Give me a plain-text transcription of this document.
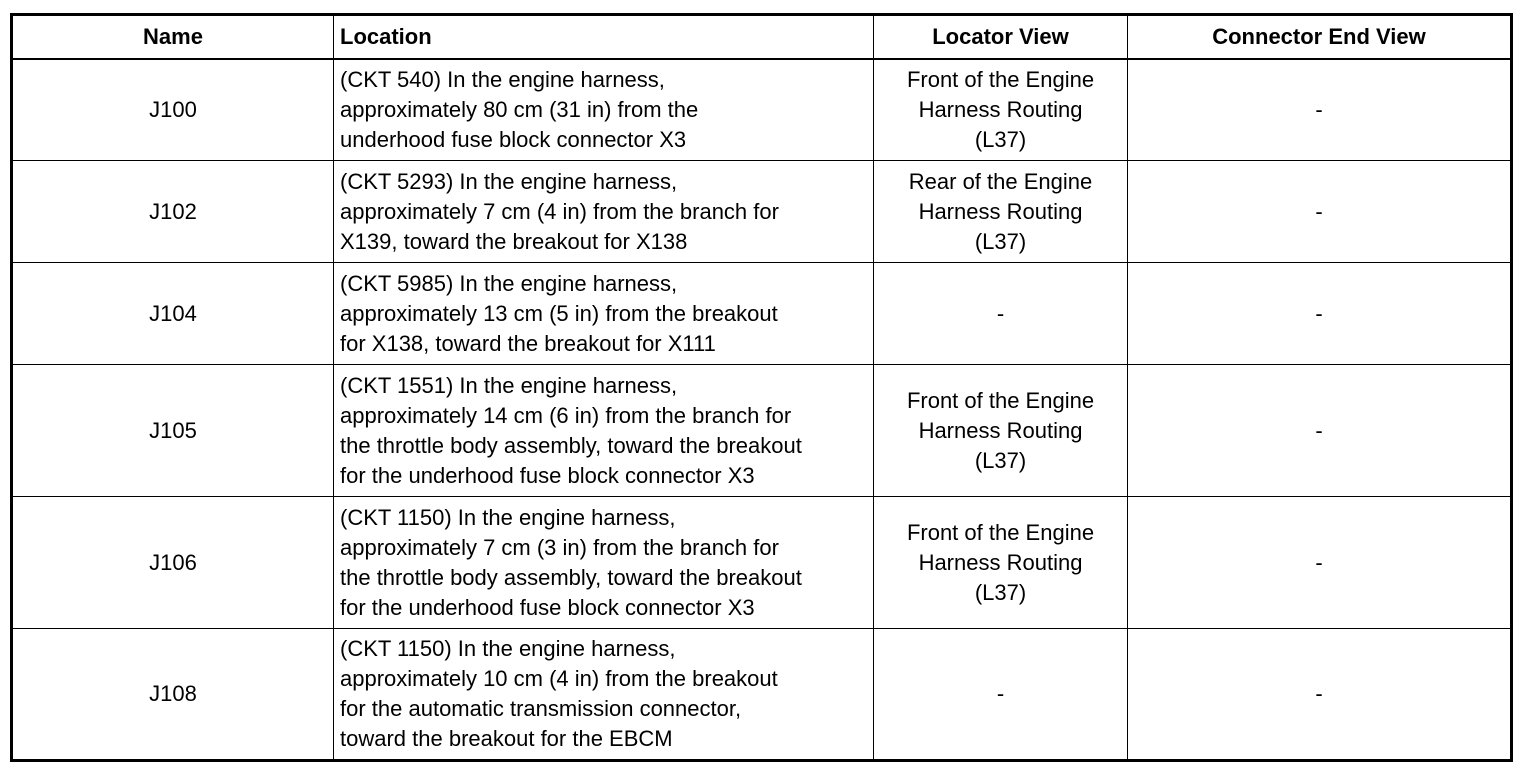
Name	Location	Locator View	Connector End View
J100	(CKT 540) In the engine harness,
approximately 80 cm (31 in) from the
underhood fuse block connector X3	Front of the Engine
Harness Routing
(L37)	-
J102	(CKT 5293) In the engine harness,
approximately 7 cm (4 in) from the branch for
X139, toward the breakout for X138	Rear of the Engine
Harness Routing
(L37)	-
J104	(CKT 5985) In the engine harness,
approximately 13 cm (5 in) from the breakout
for X138, toward the breakout for X111	-	-
J105	(CKT 1551) In the engine harness,
approximately 14 cm (6 in) from the branch for
the throttle body assembly, toward the breakout
for the underhood fuse block connector X3	Front of the Engine
Harness Routing
(L37)	-
J106	(CKT 1150) In the engine harness,
approximately 7 cm (3 in) from the branch for
the throttle body assembly, toward the breakout
for the underhood fuse block connector X3	Front of the Engine
Harness Routing
(L37)	-
J108	(CKT 1150) In the engine harness,
approximately 10 cm (4 in) from the breakout
for the automatic transmission connector,
toward the breakout for the EBCM	-	-
